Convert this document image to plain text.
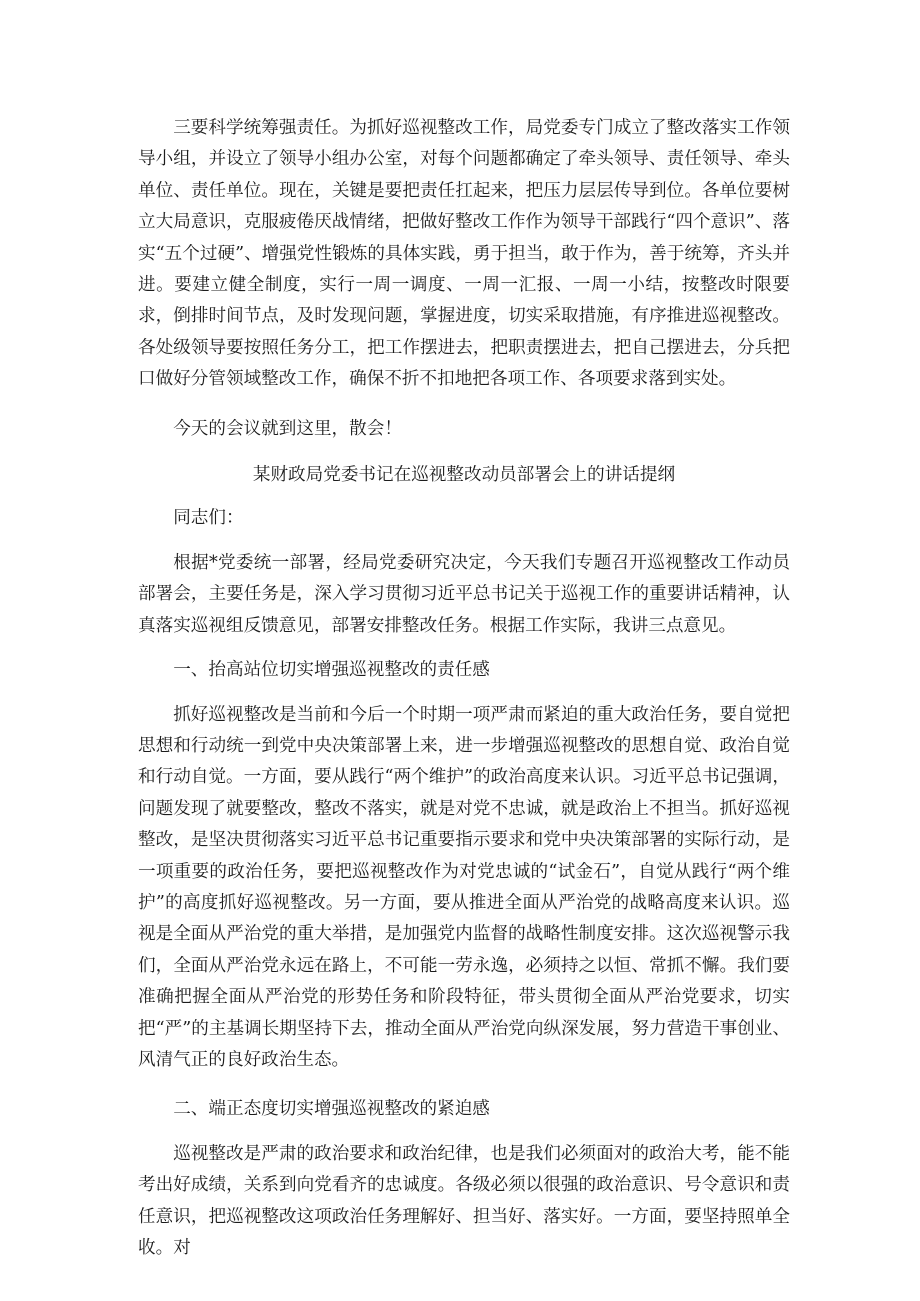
三要科学统筹强责任。为抓好巡视整改工作，局党委专门成立了整改落实工作领导小组，并设立了领导小组办公室，对每个问题都确定了牵头领导、责任领导、牵头单位、责任单位。现在，关键是要把责任扛起来，把压力层层传导到位。各单位要树立大局意识，克服疲倦厌战情绪，把做好整改工作作为领导干部践行“四个意识”、落实“五个过硬”、增强党性锻炼的具体实践，勇于担当，敢于作为，善于统筹，齐头并进。要建立健全制度，实行一周一调度、一周一汇报、一周一小结，按整改时限要求，倒排时间节点，及时发现问题，掌握进度，切实采取措施，有序推进巡视整改。各处级领导要按照任务分工，把工作摆进去，把职责摆进去，把自己摆进去，分兵把口做好分管领域整改工作，确保不折不扣地把各项工作、各项要求落到实处。

今天的会议就到这里，散会！

某财政局党委书记在巡视整改动员部署会上的讲话提纲

同志们：

根据*党委统一部署，经局党委研究决定，今天我们专题召开巡视整改工作动员部署会，主要任务是，深入学习贯彻习近平总书记关于巡视工作的重要讲话精神，认真落实巡视组反馈意见，部署安排整改任务。根据工作实际，我讲三点意见。

一、抬高站位切实增强巡视整改的责任感

抓好巡视整改是当前和今后一个时期一项严肃而紧迫的重大政治任务，要自觉把思想和行动统一到党中央决策部署上来，进一步增强巡视整改的思想自觉、政治自觉和行动自觉。一方面，要从践行“两个维护”的政治高度来认识。习近平总书记强调，问题发现了就要整改，整改不落实，就是对党不忠诚，就是政治上不担当。抓好巡视整改，是坚决贯彻落实习近平总书记重要指示要求和党中央决策部署的实际行动，是一项重要的政治任务，要把巡视整改作为对党忠诚的“试金石”，自觉从践行“两个维护”的高度抓好巡视整改。另一方面，要从推进全面从严治党的战略高度来认识。巡视是全面从严治党的重大举措，是加强党内监督的战略性制度安排。这次巡视警示我们，全面从严治党永远在路上，不可能一劳永逸，必须持之以恒、常抓不懈。我们要准确把握全面从严治党的形势任务和阶段特征，带头贯彻全面从严治党要求，切实把“严”的主基调长期坚持下去，推动全面从严治党向纵深发展，努力营造干事创业、风清气正的良好政治生态。

二、端正态度切实增强巡视整改的紧迫感

巡视整改是严肃的政治要求和政治纪律，也是我们必须面对的政治大考，能不能考出好成绩，关系到向党看齐的忠诚度。各级必须以很强的政治意识、号令意识和责任意识，把巡视整改这项政治任务理解好、担当好、落实好。一方面，要坚持照单全收。对
